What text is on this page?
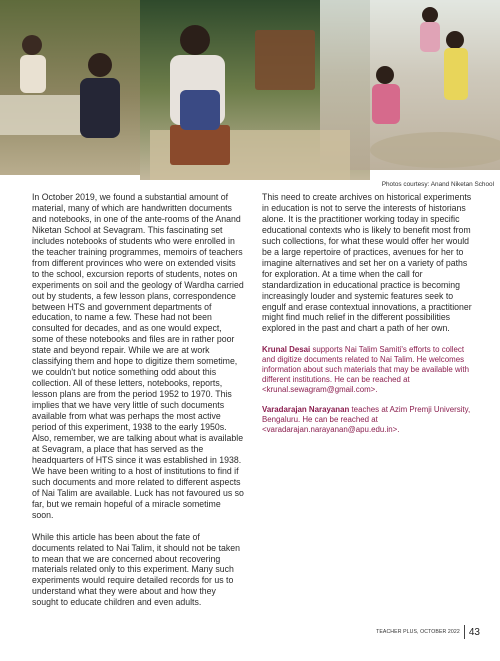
Photos courtesy: Anand Niketan School

In October 2019, we found a substantial amount of material, many of which are handwritten documents and notebooks, in one of the ante-rooms of the Anand Niketan School at Sevagram. This fascinating set includes notebooks of students who were enrolled in the teacher training programmes, memoirs of teachers from different provinces who were on extended visits to the school, excursion reports of students, notes on experiments on soil and the geology of Wardha carried out by students, a few lesson plans, correspondence between HTS and government departments of education, to name a few. These had not been consulted for decades, and as one would expect, some of these notebooks and files are in rather poor state and beyond repair. While we are at work classifying them and hope to digitize them sometime, we couldn't but notice something odd about this collection. All of these letters, notebooks, reports, lesson plans are from the period 1952 to 1970. This implies that we have very little of such documents available from what was perhaps the most active period of this experiment, 1938 to the early 1950s. Also, remember, we are talking about what is available at Sevagram, a place that has served as the headquarters of HTS since it was established in 1938. We have been writing to a host of institutions to find if such documents and more related to different aspects of Nai Talim are available. Luck has not favoured us so far, but we remain hopeful of a miracle sometime soon.

While this article has been about the fate of documents related to Nai Talim, it should not be taken to mean that we are concerned about recovering materials related only to this experiment. Many such experiments would require detailed records for us to understand what they were about and how they sought to educate children and even adults.

This need to create archives on historical experiments in education is not to serve the interests of historians alone. It is the practitioner working today in specific educational contexts who is likely to benefit most from such collections, for what these would offer her would be a large repertoire of practices, avenues for her to imagine alternatives and set her on a variety of paths for exploration. At a time when the call for standardization in educational practice is becoming increasingly louder and systemic features seek to engulf and erase contextual innovations, a practitioner might find much relief in the different possibilities explored in the past and chart a path of her own.

Krunal Desai supports Nai Talim Samiti's efforts to collect and digitize documents related to Nai Talim. He welcomes information about such materials that may be available with different institutions. He can be reached at <krunal.sewagram@gmail.com>.

Varadarajan Narayanan teaches at Azim Premji University, Bengaluru. He can be reached at <varadarajan.narayanan@apu.edu.in>.

TEACHER PLUS, OCTOBER 2022 43
